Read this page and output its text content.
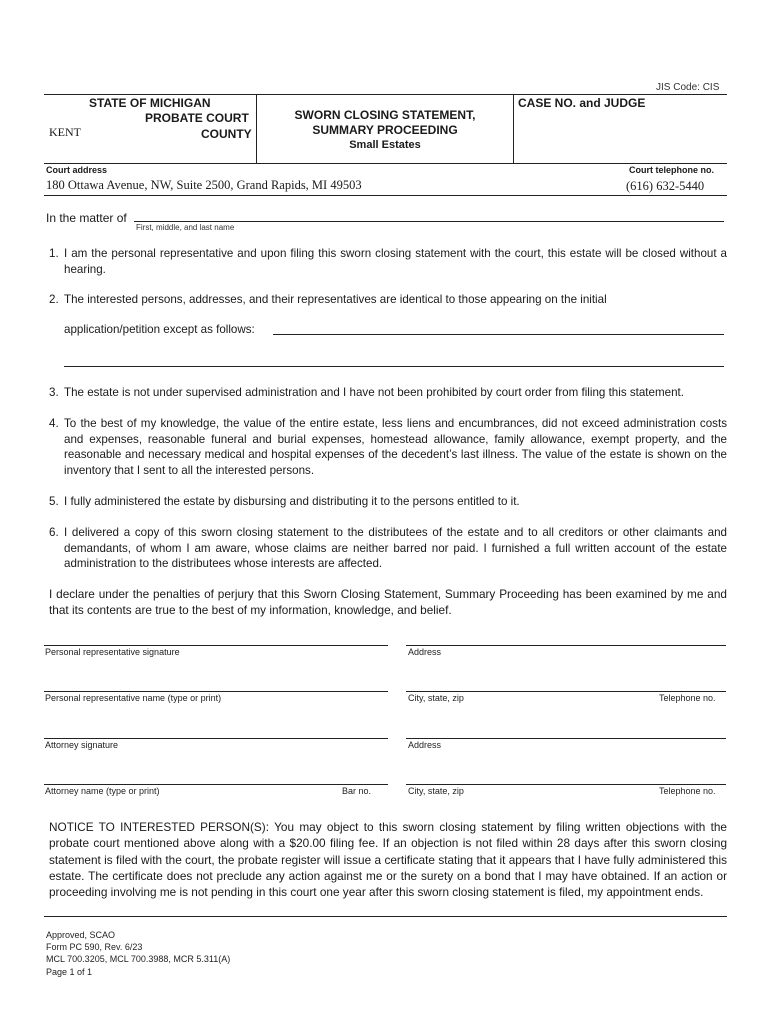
JIS Code: CIS
STATE OF MICHIGAN
PROBATE COURT
KENT	COUNTY
SWORN CLOSING STATEMENT,
SUMMARY PROCEEDING
Small Estates
CASE NO. and JUDGE
Court address	Court telephone no.
180 Ottawa Avenue, NW, Suite 2500, Grand Rapids, MI 49503	(616) 632-5440
In the matter of
First, middle, and last name
1. I am the personal representative and upon filing this sworn closing statement with the court, this estate will be closed without a hearing.
2. The interested persons, addresses, and their representatives are identical to those appearing on the initial
application/petition except as follows:
3. The estate is not under supervised administration and I have not been prohibited by court order from filing this statement.
4. To the best of my knowledge, the value of the entire estate, less liens and encumbrances, did not exceed administration costs and expenses, reasonable funeral and burial expenses, homestead allowance, family allowance, exempt property, and the reasonable and necessary medical and hospital expenses of the decedent’s last illness. The value of the estate is shown on the inventory that I sent to all the interested persons.
5. I fully administered the estate by disbursing and distributing it to the persons entitled to it.
6. I delivered a copy of this sworn closing statement to the distributees of the estate and to all creditors or other claimants and demandants, of whom I am aware, whose claims are neither barred nor paid. I furnished a full written account of the estate administration to the distributees whose interests are affected.
I declare under the penalties of perjury that this Sworn Closing Statement, Summary Proceeding has been examined by me and that its contents are true to the best of my information, knowledge, and belief.
Personal representative signature	Address
Personal representative name (type or print)	City, state, zip	Telephone no.
Attorney signature	Address
Attorney name (type or print)	Bar no.	City, state, zip	Telephone no.
NOTICE TO INTERESTED PERSON(S): You may object to this sworn closing statement by filing written objections with the probate court mentioned above along with a $20.00 filing fee. If an objection is not filed within 28 days after this sworn closing statement is filed with the court, the probate register will issue a certificate stating that it appears that I have fully administered this estate. The certificate does not preclude any action against me or the surety on a bond that I may have obtained. If an action or proceeding involving me is not pending in this court one year after this sworn closing statement is filed, my appointment ends.
Approved, SCAO
Form PC 590, Rev. 6/23
MCL 700.3205, MCL 700.3988, MCR 5.311(A)
Page 1 of 1
